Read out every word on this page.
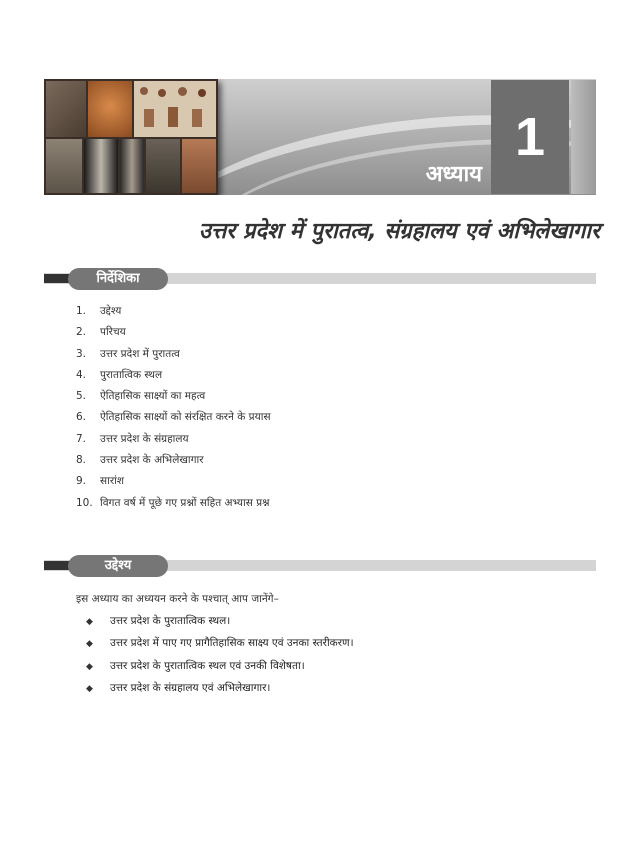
अध्याय
1
उत्तर प्रदेश में पुरातत्व, संग्रहालय एवं अभिलेखागार
निर्देशिका
1.	उद्देश्य
2.	परिचय
3.	उत्तर प्रदेश में पुरातत्व
4.	पुरातात्विक स्थल
5.	ऐतिहासिक साक्ष्यों का महत्व
6.	ऐतिहासिक साक्ष्यों को संरक्षित करने के प्रयास
7.	उत्तर प्रदेश के संग्रहालय
8.	उत्तर प्रदेश के अभिलेखागार
9.	सारांश
10. विगत वर्ष में पूछे गए प्रश्नों सहित अभ्यास प्रश्न
उद्देश्य
इस अध्याय का अध्ययन करने के पश्चात् आप जानेंगे–
◆	उत्तर प्रदेश के पुरातात्विक स्थल।
◆	उत्तर प्रदेश में पाए गए प्रागैतिहासिक साक्ष्य एवं उनका स्तरीकरण।
◆	उत्तर प्रदेश के पुरातात्विक स्थल एवं उनकी विशेषता।
◆	उत्तर प्रदेश के संग्रहालय एवं अभिलेखागार।
